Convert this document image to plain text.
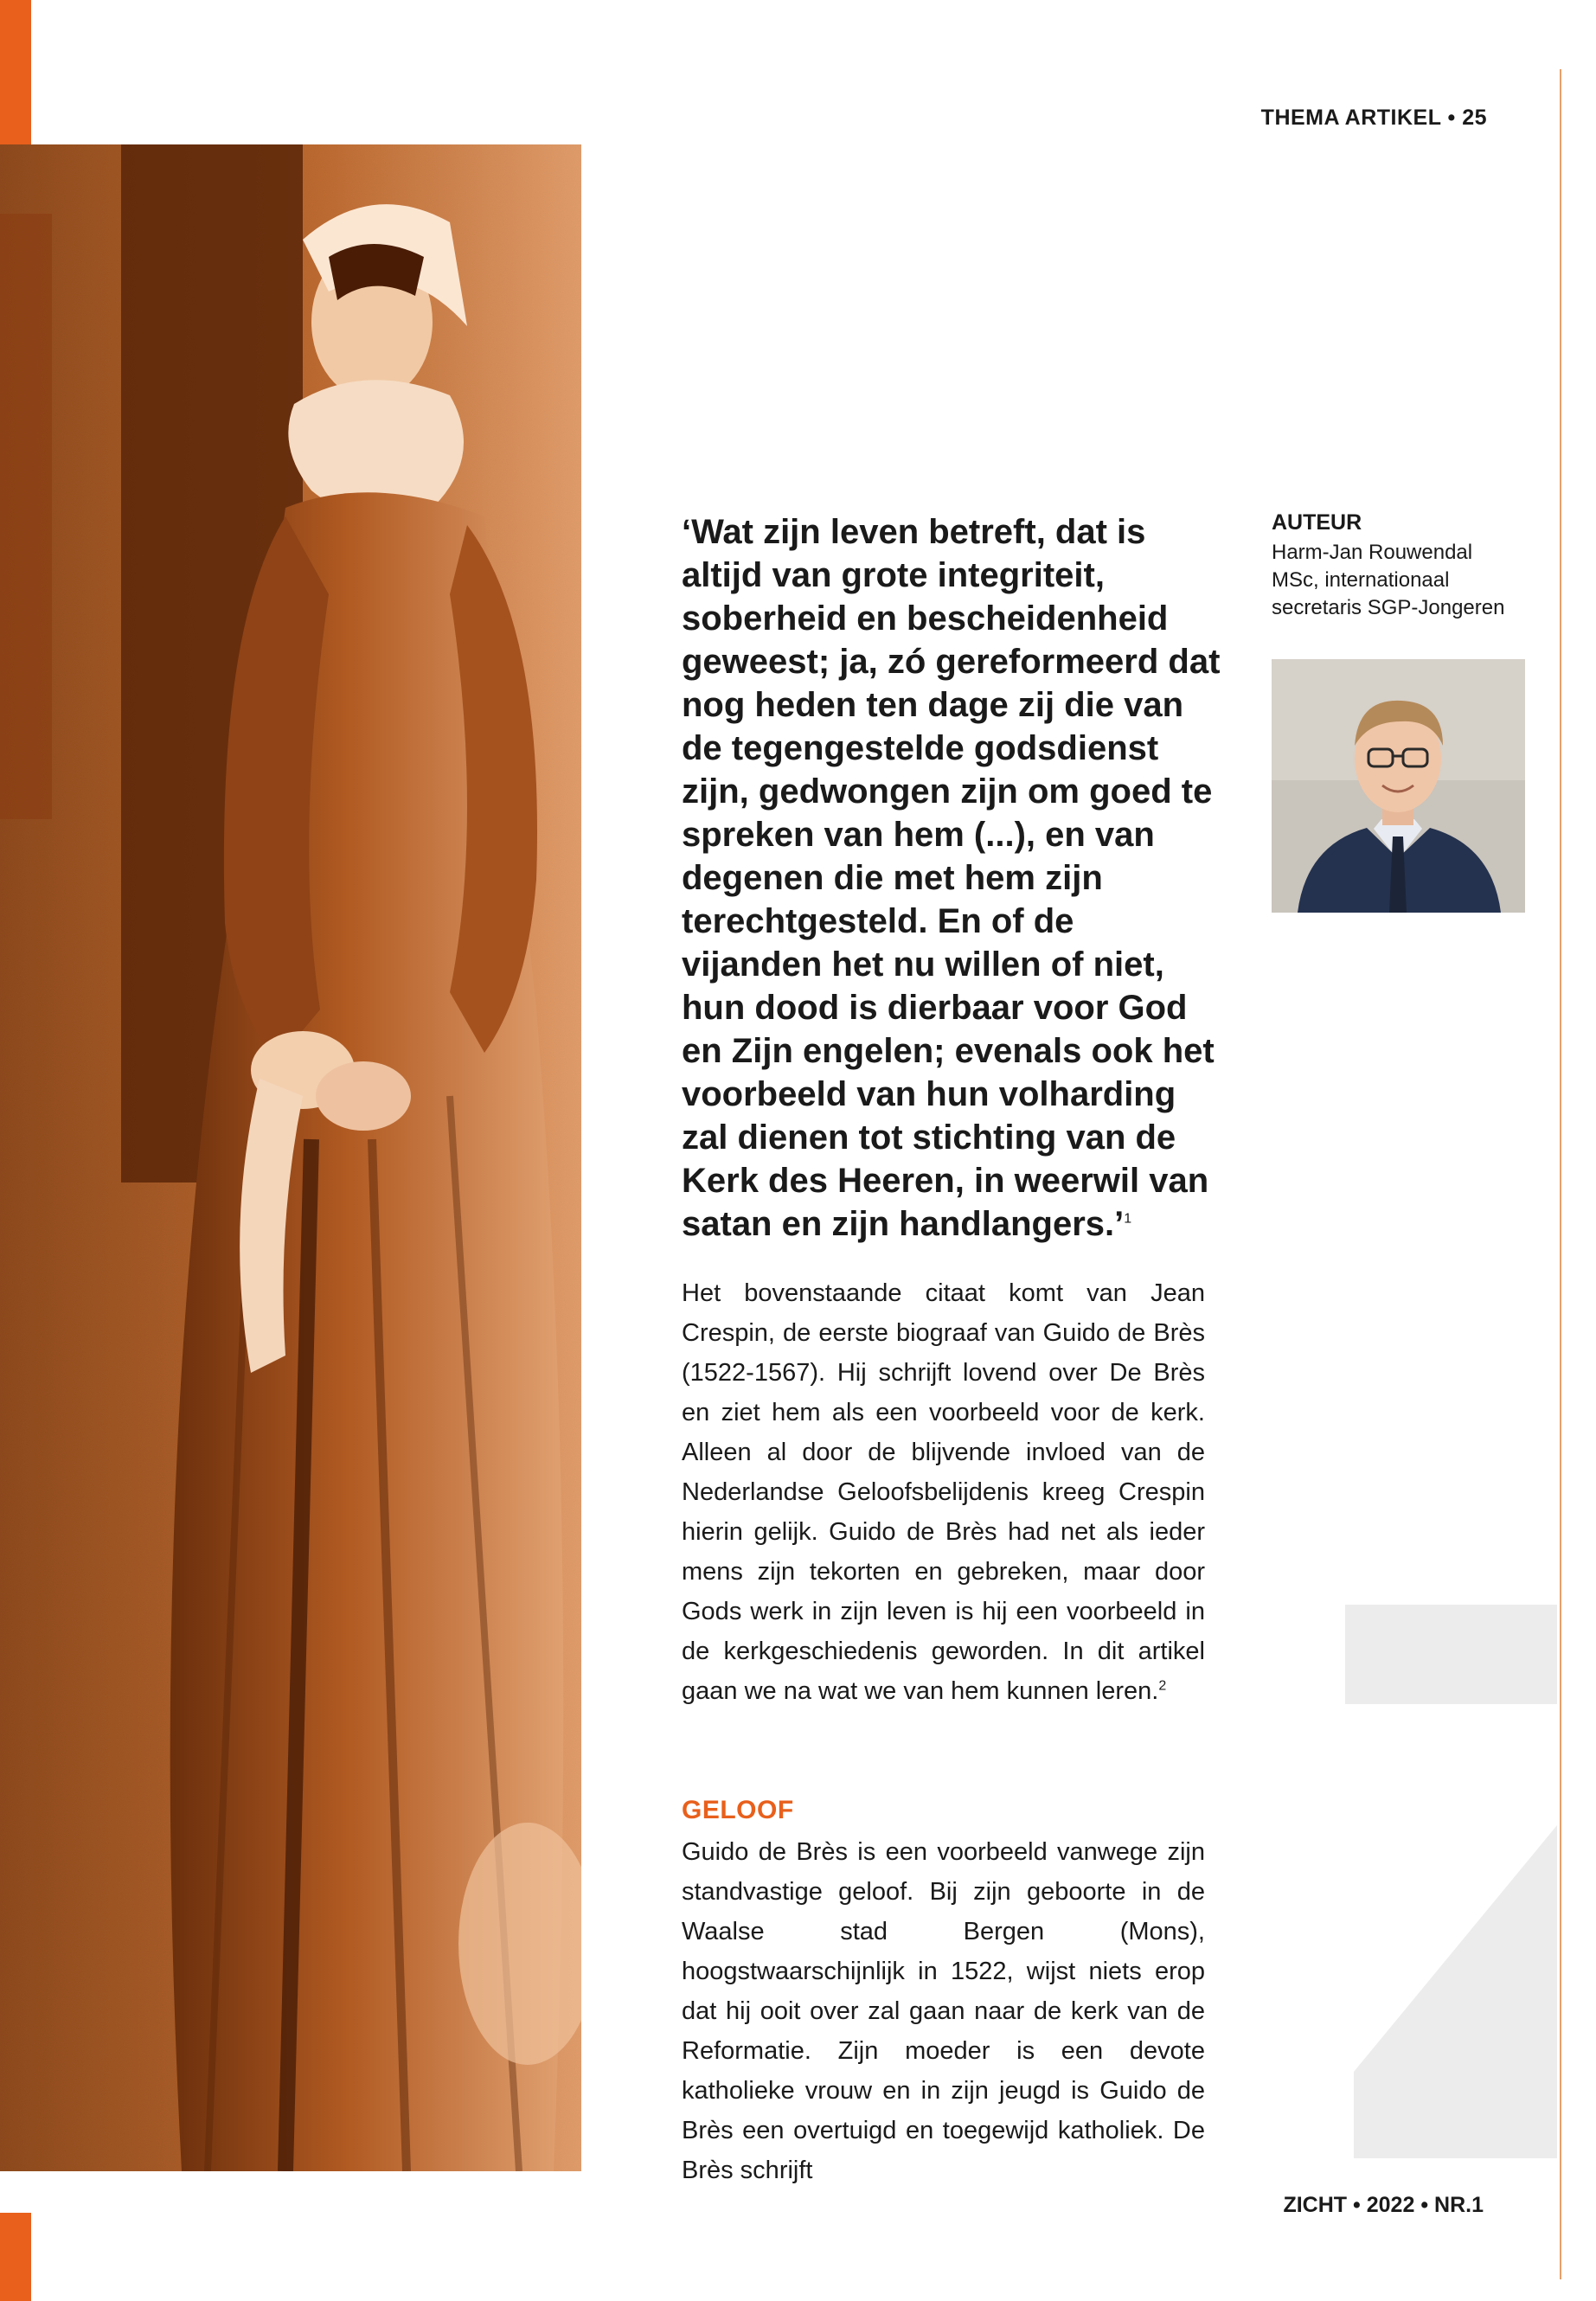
THEMA ARTIKEL • 25

‘Wat zijn leven betreft, dat is altijd van grote integriteit, soberheid en bescheidenheid geweest; ja, zó gereformeerd dat nog heden ten dage zij die van de tegengestelde godsdienst zijn, gedwongen zijn om goed te spreken van hem (...), en van degenen die met hem zijn terechtgesteld. En of de vijanden het nu willen of niet, hun dood is dierbaar voor God en Zijn engelen; evenals ook het voorbeeld van hun volharding zal dienen tot stichting van de Kerk des Heeren, in weerwil van satan en zijn handlangers.’$^1$

Het bovenstaande citaat komt van Jean Crespin, de eerste biograaf van Guido de Brès (1522-1567). Hij schrijft lovend over De Brès en ziet hem als een voorbeeld voor de kerk. Alleen al door de blijvende invloed van de Nederlandse Geloofsbelijdenis kreeg Crespin hierin gelijk. Guido de Brès had net als ieder mens zijn tekorten en gebreken, maar door Gods werk in zijn leven is hij een voorbeeld in de kerkgeschiedenis geworden. In dit artikel gaan we na wat we van hem kunnen leren.$^2$

GELOOF

Guido de Brès is een voorbeeld vanwege zijn standvastige geloof. Bij zijn geboorte in de Waalse stad Bergen (Mons), hoogstwaarschijnlijk in 1522, wijst niets erop dat hij ooit over zal gaan naar de kerk van de Reformatie. Zijn moeder is een devote katholieke vrouw en in zijn jeugd is Guido de Brès een overtuigd en toegewijd katholiek. De Brès schrijft

AUTEUR

Harm-Jan Rouwendal

MSc, internationaal

secretaris SGP-Jongeren

ZICHT • 2022 • NR.1
